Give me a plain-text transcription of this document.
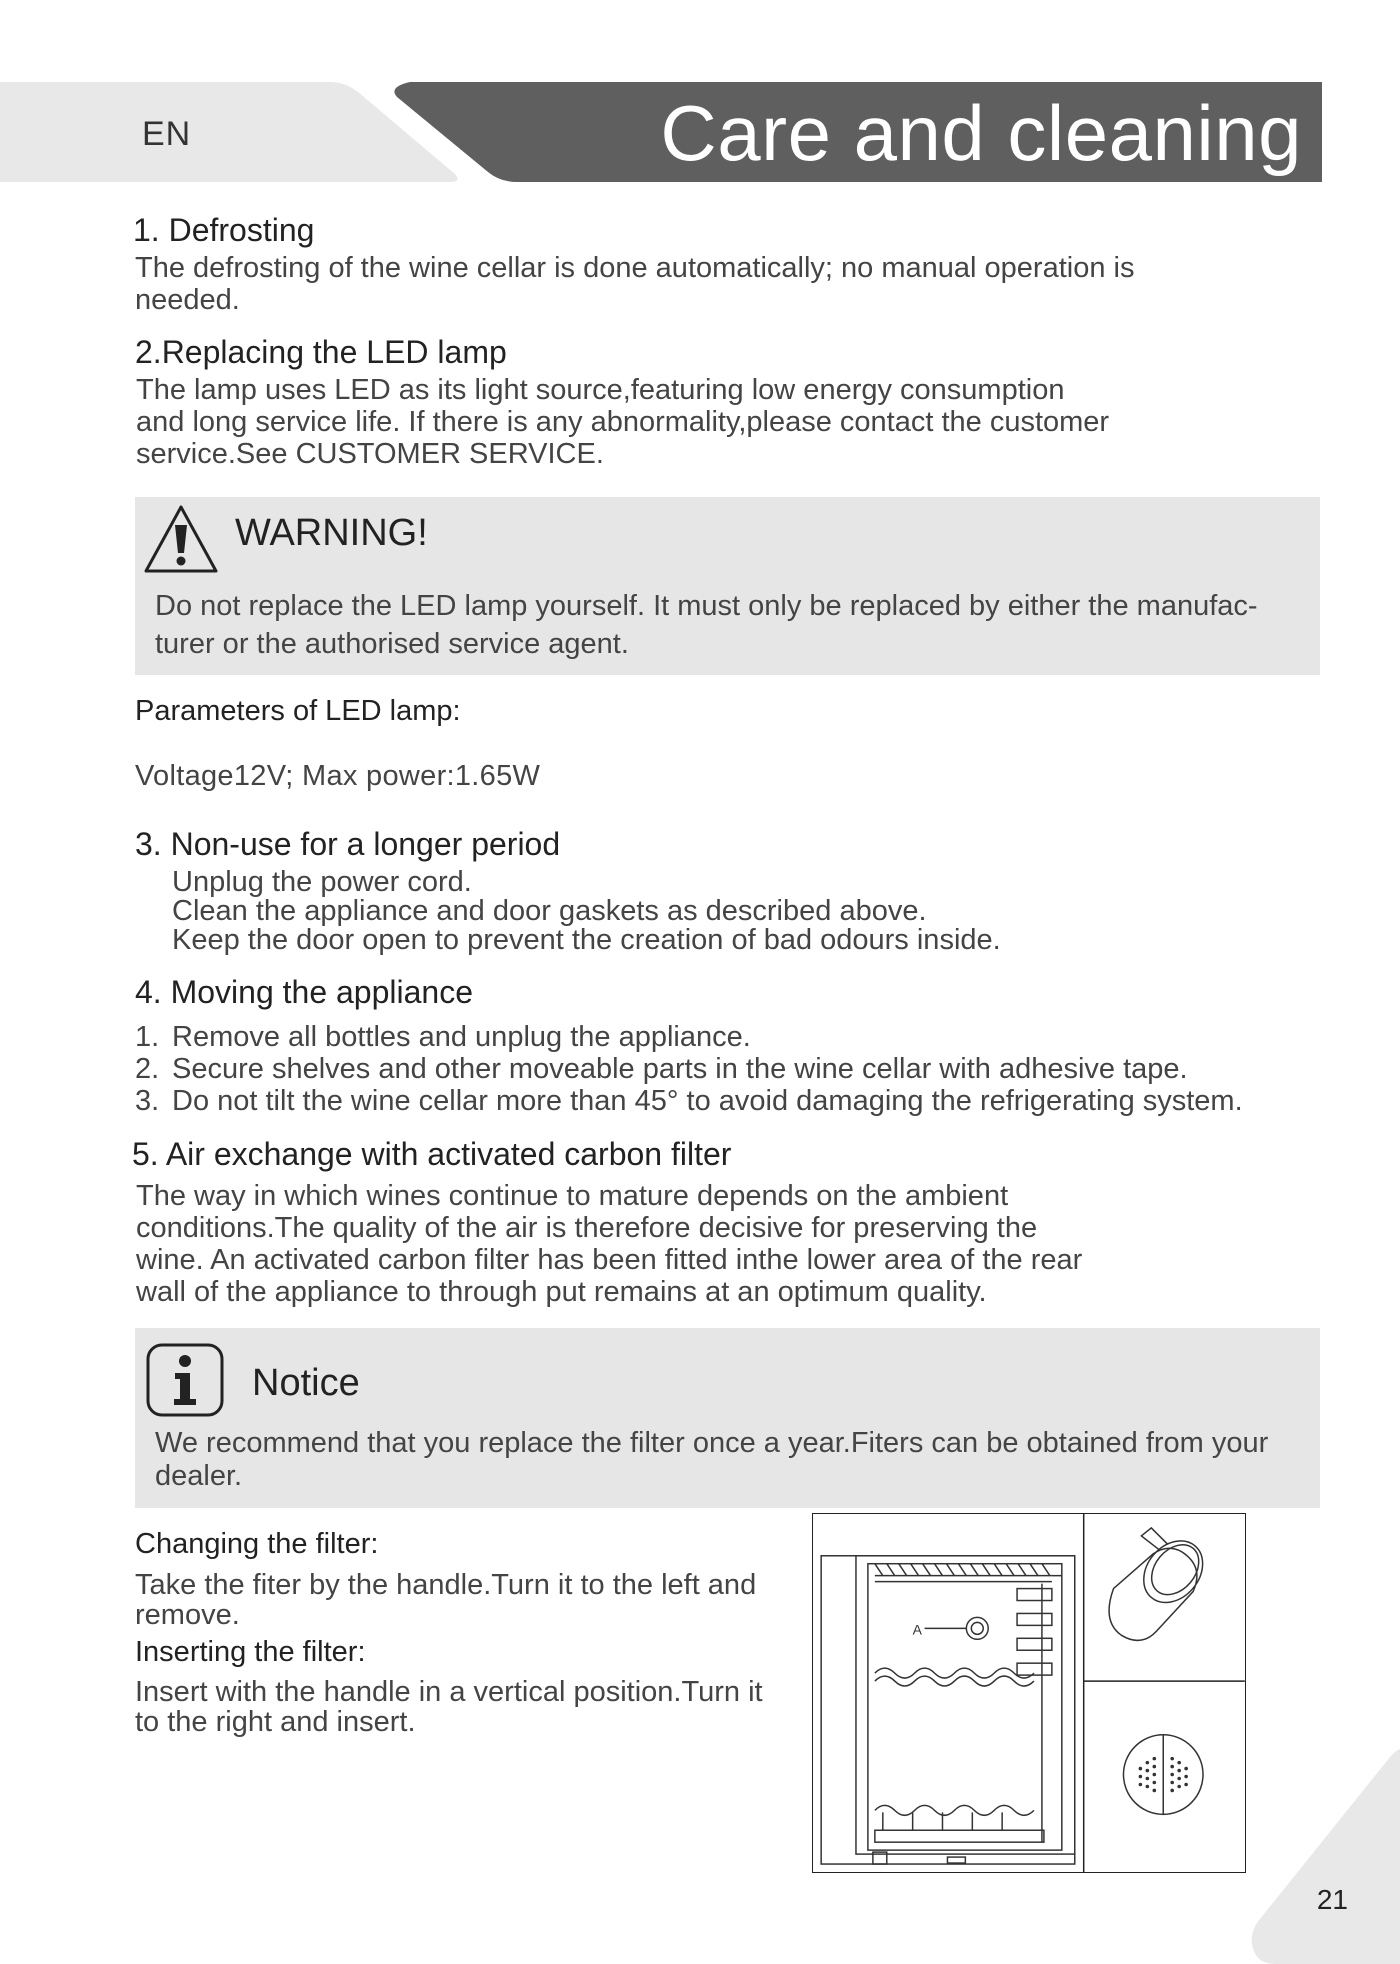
EN	Care and cleaning
1. Defrosting
The defrosting of the wine cellar is done automatically; no manual operation is
needed.
2.Replacing the LED lamp
The lamp uses LED as its light source,featuring low energy consumption
and long service life. If there is any abnormality,please contact the customer
service.See CUSTOMER SERVICE.
WARNING!
Do not replace the LED lamp yourself. It must only be replaced by either the manufac-
turer or the authorised service agent.
Parameters of LED lamp:
Voltage12V; Max power:1.65W
3. Non-use for a longer period
Unplug the power cord.
Clean the appliance and door gaskets as described above.
Keep the door open to prevent the creation of bad odours inside.
4. Moving the appliance
1. Remove all bottles and unplug the appliance.
2. Secure shelves and other moveable parts in the wine cellar with adhesive tape.
3. Do not tilt the wine cellar more than 45° to avoid damaging the refrigerating system.
5. Air exchange with activated carbon filter
The way in which wines continue to mature depends on the ambient
conditions.The quality of the air is therefore decisive for preserving the
wine. An activated carbon filter has been fitted inthe lower area of the rear
wall of the appliance to through put remains at an optimum quality.
Notice
We recommend that you replace the filter once a year.Fiters can be obtained from your
dealer.
Changing the filter:
Take the fiter by the handle.Turn it to the left and
remove.
Inserting the filter:
Insert with the handle in a vertical position.Turn it
to the right and insert.
A
21
